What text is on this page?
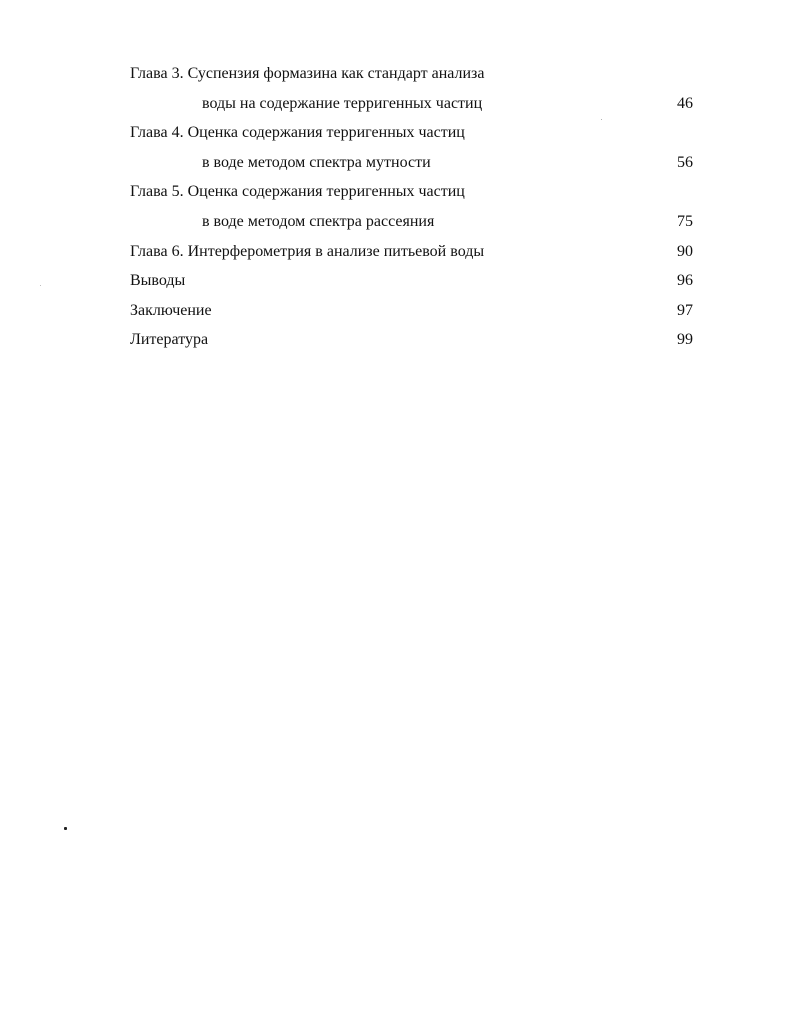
Глава 3. Суспензия формазина как стандарт анализа
воды на содержание терригенных частиц	46
Глава 4. Оценка содержания терригенных частиц
в воде методом спектра мутности	56
Глава 5. Оценка содержания терригенных частиц
в воде методом спектра рассеяния	75
Глава 6. Интерферометрия в анализе питьевой воды	90
Выводы	96
Заключение	97
Литература	99
